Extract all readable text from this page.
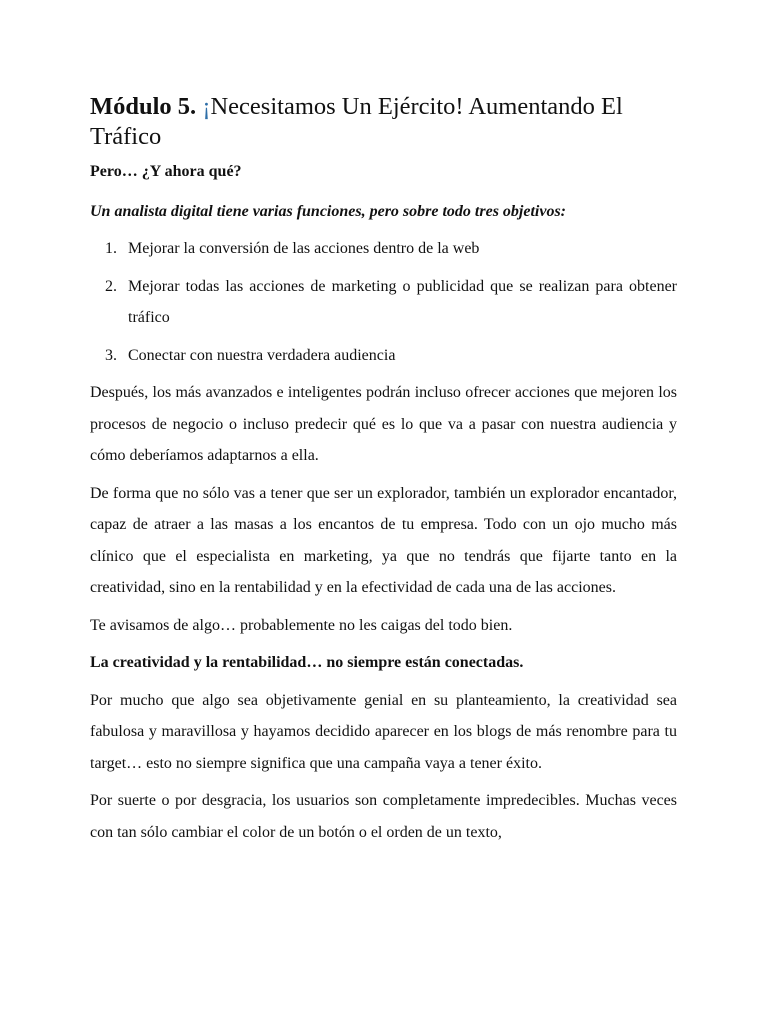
Módulo 5. ¡Necesitamos Un Ejército! Aumentando El Tráfico

Pero… ¿Y ahora qué?

Un analista digital tiene varias funciones, pero sobre todo tres objetivos:

1. Mejorar la conversión de las acciones dentro de la web
2. Mejorar todas las acciones de marketing o publicidad que se realizan para obtener tráfico
3. Conectar con nuestra verdadera audiencia

Después, los más avanzados e inteligentes podrán incluso ofrecer acciones que mejoren los procesos de negocio o incluso predecir qué es lo que va a pasar con nuestra audiencia y cómo deberíamos adaptarnos a ella.

De forma que no sólo vas a tener que ser un explorador, también un explorador encantador, capaz de atraer a las masas a los encantos de tu empresa. Todo con un ojo mucho más clínico que el especialista en marketing, ya que no tendrás que fijarte tanto en la creatividad, sino en la rentabilidad y en la efectividad de cada una de las acciones.

Te avisamos de algo… probablemente no les caigas del todo bien.

La creatividad y la rentabilidad… no siempre están conectadas.

Por mucho que algo sea objetivamente genial en su planteamiento, la creatividad sea fabulosa y maravillosa y hayamos decidido aparecer en los blogs de más renombre para tu target… esto no siempre significa que una campaña vaya a tener éxito.

Por suerte o por desgracia, los usuarios son completamente impredecibles. Muchas veces con tan sólo cambiar el color de un botón o el orden de un texto,
